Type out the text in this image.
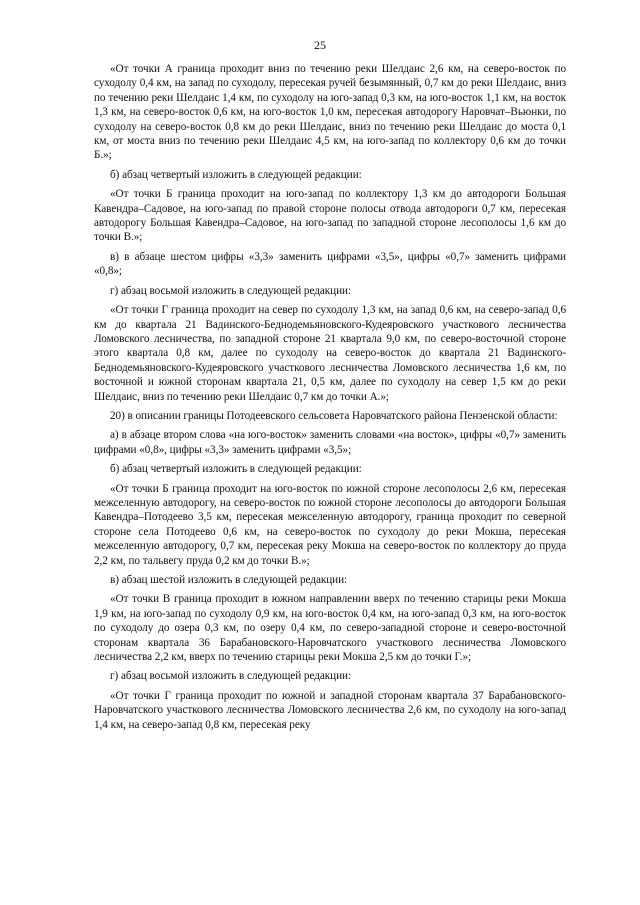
25

«От точки А граница проходит вниз по течению реки Шелдаис 2,6 км, на северо-восток по суходолу 0,4 км, на запад по суходолу, пересекая ручей безымянный, 0,7 км до реки Шелдаис, вниз по течению реки Шелдаис 1,4 км, по суходолу на юго-запад 0,3 км, на юго-восток 1,1 км, на восток 1,3 км, на северо-восток 0,6 км, на юго-восток 1,0 км, пересекая автодорогу Наровчат–Вьюнки, по суходолу на северо-восток 0,8 км до реки Шелдаис, вниз по течению реки Шелдаис до моста 0,1 км, от моста вниз по течению реки Шелдаис 4,5 км, на юго-запад по коллектору 0,6 км до точки Б.»;

б) абзац четвертый изложить в следующей редакции:

«От точки Б граница проходит на юго-запад по коллектору 1,3 км до автодороги Большая Кавендра–Садовое, на юго-запад по правой стороне полосы отвода автодороги 0,7 км, пересекая автодорогу Большая Кавендра–Садовое, на юго-запад по западной стороне лесополосы 1,6 км до точки В.»;

в) в абзаце шестом цифры «3,3» заменить цифрами «3,5», цифры «0,7» заменить цифрами «0,8»;

г) абзац восьмой изложить в следующей редакции:

«От точки Г граница проходит на север по суходолу 1,3 км, на запад 0,6 км, на северо-запад 0,6 км до квартала 21 Вадинского-Беднодемьяновского-Кудеяровского участкового лесничества Ломовского лесничества, по западной стороне 21 квартала 9,0 км, по северо-восточной стороне этого квартала 0,8 км, далее по суходолу на северо-восток до квартала 21 Вадинского-Беднодемьяновского-Кудеяровского участкового лесничества Ломовского лесничества 1,6 км, по восточной и южной сторонам квартала 21, 0,5 км, далее по суходолу на север 1,5 км до реки Шелдаис, вниз по течению реки Шелдаис 0,7 км до точки А.»;

20) в описании границы Потодеевского сельсовета Наровчатского района Пензенской области:

а) в абзаце втором слова «на юго-восток» заменить словами «на восток», цифры «0,7» заменить цифрами «0,8», цифры «3,3» заменить цифрами «3,5»;

б) абзац четвертый изложить в следующей редакции:

«От точки Б граница проходит на юго-восток по южной стороне лесополосы 2,6 км, пересекая межселенную автодорогу, на северо-восток по южной стороне лесополосы до автодороги Большая Кавендра–Потодеево 3,5 км, пересекая межселенную автодорогу, граница проходит по северной стороне села Потодеево 0,6 км, на северо-восток по суходолу до реки Мокша, пересекая межселенную автодорогу, 0,7 км, пересекая реку Мокша на северо-восток по коллектору до пруда 2,2 км, по тальвегу пруда 0,2 км до точки В.»;

в) абзац шестой изложить в следующей редакции:

«От точки В граница проходит в южном направлении вверх по течению старицы реки Мокша 1,9 км, на юго-запад по суходолу 0,9 км, на юго-восток 0,4 км, на юго-запад 0,3 км, на юго-восток по суходолу до озера 0,3 км, по озеру 0,4 км, по северо-западной стороне и северо-восточной сторонам квартала 36 Барабановского-Наровчатского участкового лесничества Ломовского лесничества 2,2 км, вверх по течению старицы реки Мокша 2,5 км до точки Г.»;

г) абзац восьмой изложить в следующей редакции:

«От точки Г граница проходит по южной и западной сторонам квартала 37 Барабановского-Наровчатского участкового лесничества Ломовского лесничества 2,6 км, по суходолу на юго-запад 1,4 км, на северо-запад 0,8 км, пересекая реку
